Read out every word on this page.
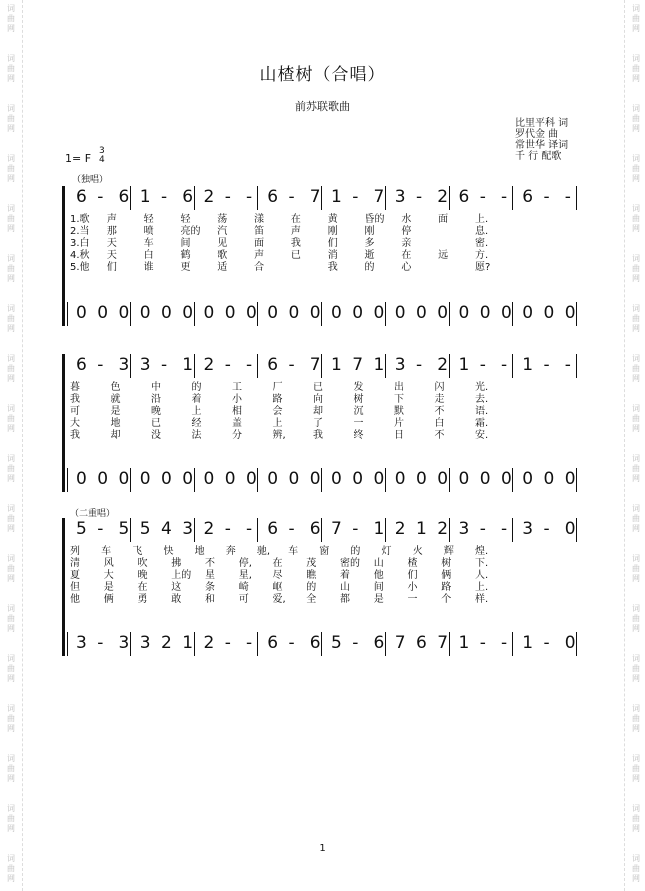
词
曲
网
词
曲
网
词
曲
网
词
曲
网
词
曲
网
词
曲
网
词
曲
网
词
曲
网
词
曲
网
词
曲
网
词
曲
网
词
曲
网
词
曲
网
词
曲
网
词
曲
网
词
曲
网
词
曲
网
词
曲
网
词
曲
网
词
曲
网
词
曲
网
词
曲
网
词
曲
网
词
曲
网
词
曲
网
词
曲
网
词
曲
网
词
曲
网
词
曲
网
词
曲
网
词
曲
网
词
曲
网
词
曲
网
词
曲
网
词
曲
网
词
曲
网
山楂树（合唱）
前苏联歌曲
比里平科 词
罗代金 曲
常世华 译词
千 行 配歌
1= F
3
4
（独唱）
（二重唱）
6 - 6 1 - 6 2 - - 6 - 7 1 - 7 3 - 2 6 - - 6 - -
1.歌 声	轻	轻	荡	漾	在	黄	昏的 水	面	上.
2.当 那	喷	亮的 汽	笛	声	刚	刚	停	息.
3.白 天	车	间	见	面	我	们	多	亲	密.
4.秋 天	白	鹤	歌	声	已	消	逝	在	远	方.
5.他 们	谁	更	适	合	我	的	心	愿?
0 0 0 0 0 0 0 0 0 0 0 0 0 0 0 0 0 0 0 0 0 0 0 0
6 - 3 3 - 1 2 - - 6 - 7 1 7 1 3 - 2 1 - - 1 - -
暮	色	中	的	工	厂	已	发	出	闪	光.
我	就	沿	着	小	路	向	树	下	走	去.
可	是	晚	上	相	会	却	沉	默	不	语.
大	地	已	经	盖	上	了	一	片	白	霜.
我	却	没	法	分	辨,	我	终	日	不	安.
0 0 0 0 0 0 0 0 0 0 0 0 0 0 0 0 0 0 0 0 0 0 0 0
5 - 5 5 4 3 2 - - 6 - 6 7 - 1 2 1 2 3 - - 3 - 0
列 车 飞 快 地 奔 驰, 车 窗 的 灯 火 辉 煌.
清 风 吹 拂 不 停, 在 茂 密的 山 楂 树 下.
夏 大 晚 上的 星 星, 尽 瞧 着 他 们 俩 人.
但 是 在 这 条 崎 岖 的 山 间 小 路 上.
他 俩 勇 敢 和 可 爱, 全 都 是 一 个 样.
3 - 3 3 2 1 2 - - 6 - 6 5 - 6 7 6 7 1 - - 1 - 0
1
